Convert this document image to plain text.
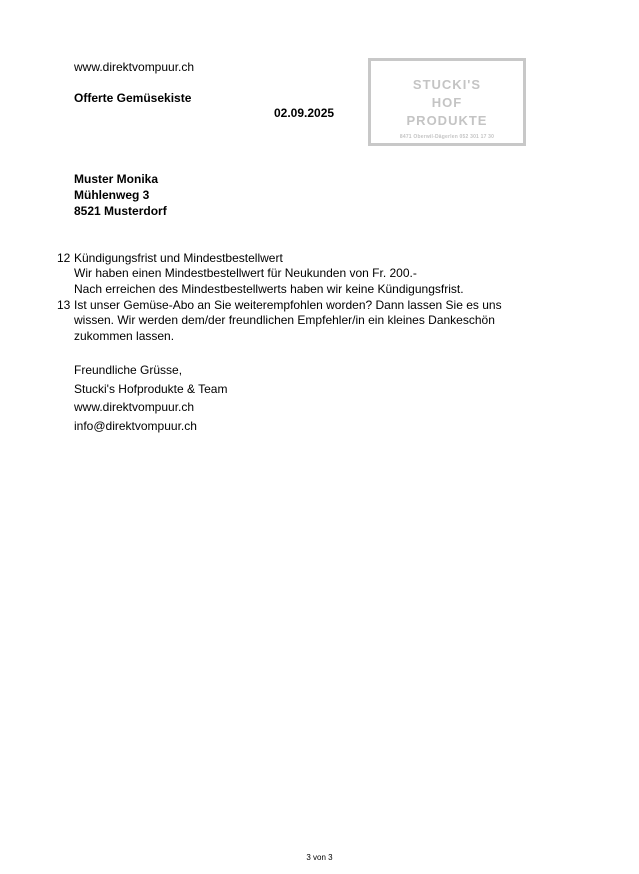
www.direktvompuur.ch
Offerte Gemüsekiste
02.09.2025
STUCKI'S
HOF
PRODUKTE
8471 Oberwil-Dägerlen 052 301 17 30
Muster Monika
Mühlenweg 3
8521 Musterdorf
12 Kündigungsfrist und Mindestbestellwert
Wir haben einen Mindestbestellwert für Neukunden von Fr. 200.-
Nach erreichen des Mindestbestellwerts haben wir keine Kündigungsfrist.
13 Ist unser Gemüse-Abo an Sie weiterempfohlen worden? Dann lassen Sie es uns
wissen. Wir werden dem/der freundlichen Empfehler/in ein kleines Dankeschön
zukommen lassen.
Freundliche Grüsse,
Stucki's Hofprodukte & Team
www.direktvompuur.ch
info@direktvompuur.ch
3 von 3
